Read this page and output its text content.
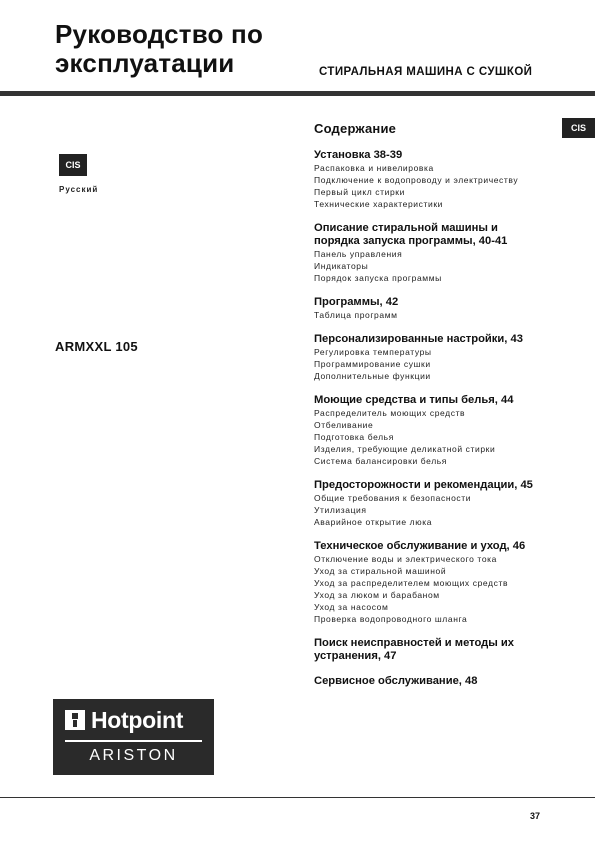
Руководство по
эксплуатации	СТИРАЛЬНАЯ МАШИНА С СУШКОЙ
CIS
CIS
Русский
ARMXXL 105
Содержание
Установка 38-39
Распаковка и нивелировка
Подключение к водопроводу и электричеству
Первый цикл стирки
Технические характеристики
Описание стиральной машины и
порядка запуска программы, 40-41
Панель управления
Индикаторы
Порядок запуска программы
Программы, 42
Таблица программ
Персонализированные настройки, 43
Регулировка температуры
Программирование сушки
Дополнительные функции
Моющие средства и типы белья, 44
Распределитель моющих средств
Отбеливание
Подготовка белья
Изделия, требующие деликатной стирки
Система балансировки белья
Предосторожности и рекомендации, 45
Общие требования к безопасности
Утилизация
Аварийное открытие люка
Техническое обслуживание и уход, 46
Отключение воды и электрического тока
Уход за стиральной машиной
Уход за распределителем моющих средств
Уход за люком и барабаном
Уход за насосом
Проверка водопроводного шланга
Поиск неисправностей и методы их
устранения, 47
Сервисное обслуживание, 48
Hotpoint
ARISTON
37
